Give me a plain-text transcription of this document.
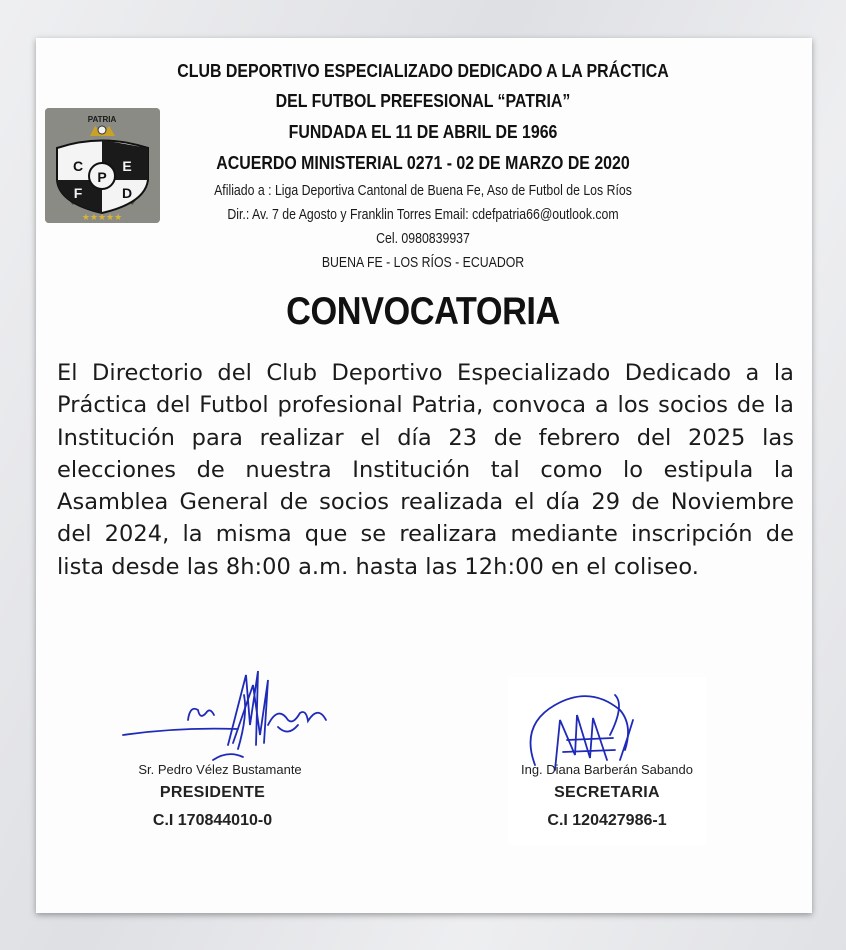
CLUB DEPORTIVO ESPECIALIZADO DEDICADO A LA PRÁCTICA
DEL FUTBOL PREFESIONAL “PATRIA”
FUNDADA EL 11 DE ABRIL DE 1966
ACUERDO MINISTERIAL 0271 - 02 DE MARZO DE 2020
Afiliado a : Liga Deportiva Cantonal de Buena Fe, Aso de Futbol de Los Ríos
Dir.: Av. 7 de Agosto y Franklin Torres Email: cdefpatria66@outlook.com
Cel. 0980839937
BUENA FE - LOS RÍOS - ECUADOR
PATRIA
C
P
E
F	D
★★★★★
CONVOCATORIA
El Directorio del Club Deportivo Especializado Dedicado a la Práctica del Futbol profesional Patria, convoca a los socios de la Institución para realizar el día 23 de febrero del 2025 las elecciones de nuestra Institución tal como lo estipula la Asamblea General de socios realizada el día 29 de Noviembre del 2024, la misma que se realizara mediante inscripción de lista desde las 8h:00 a.m. hasta las 12h:00 en el coliseo.
Sr. Pedro Vélez Bustamante
PRESIDENTE
C.I 170844010-0
Ing. Diana Barberán Sabando
SECRETARIA
C.I 120427986-1
